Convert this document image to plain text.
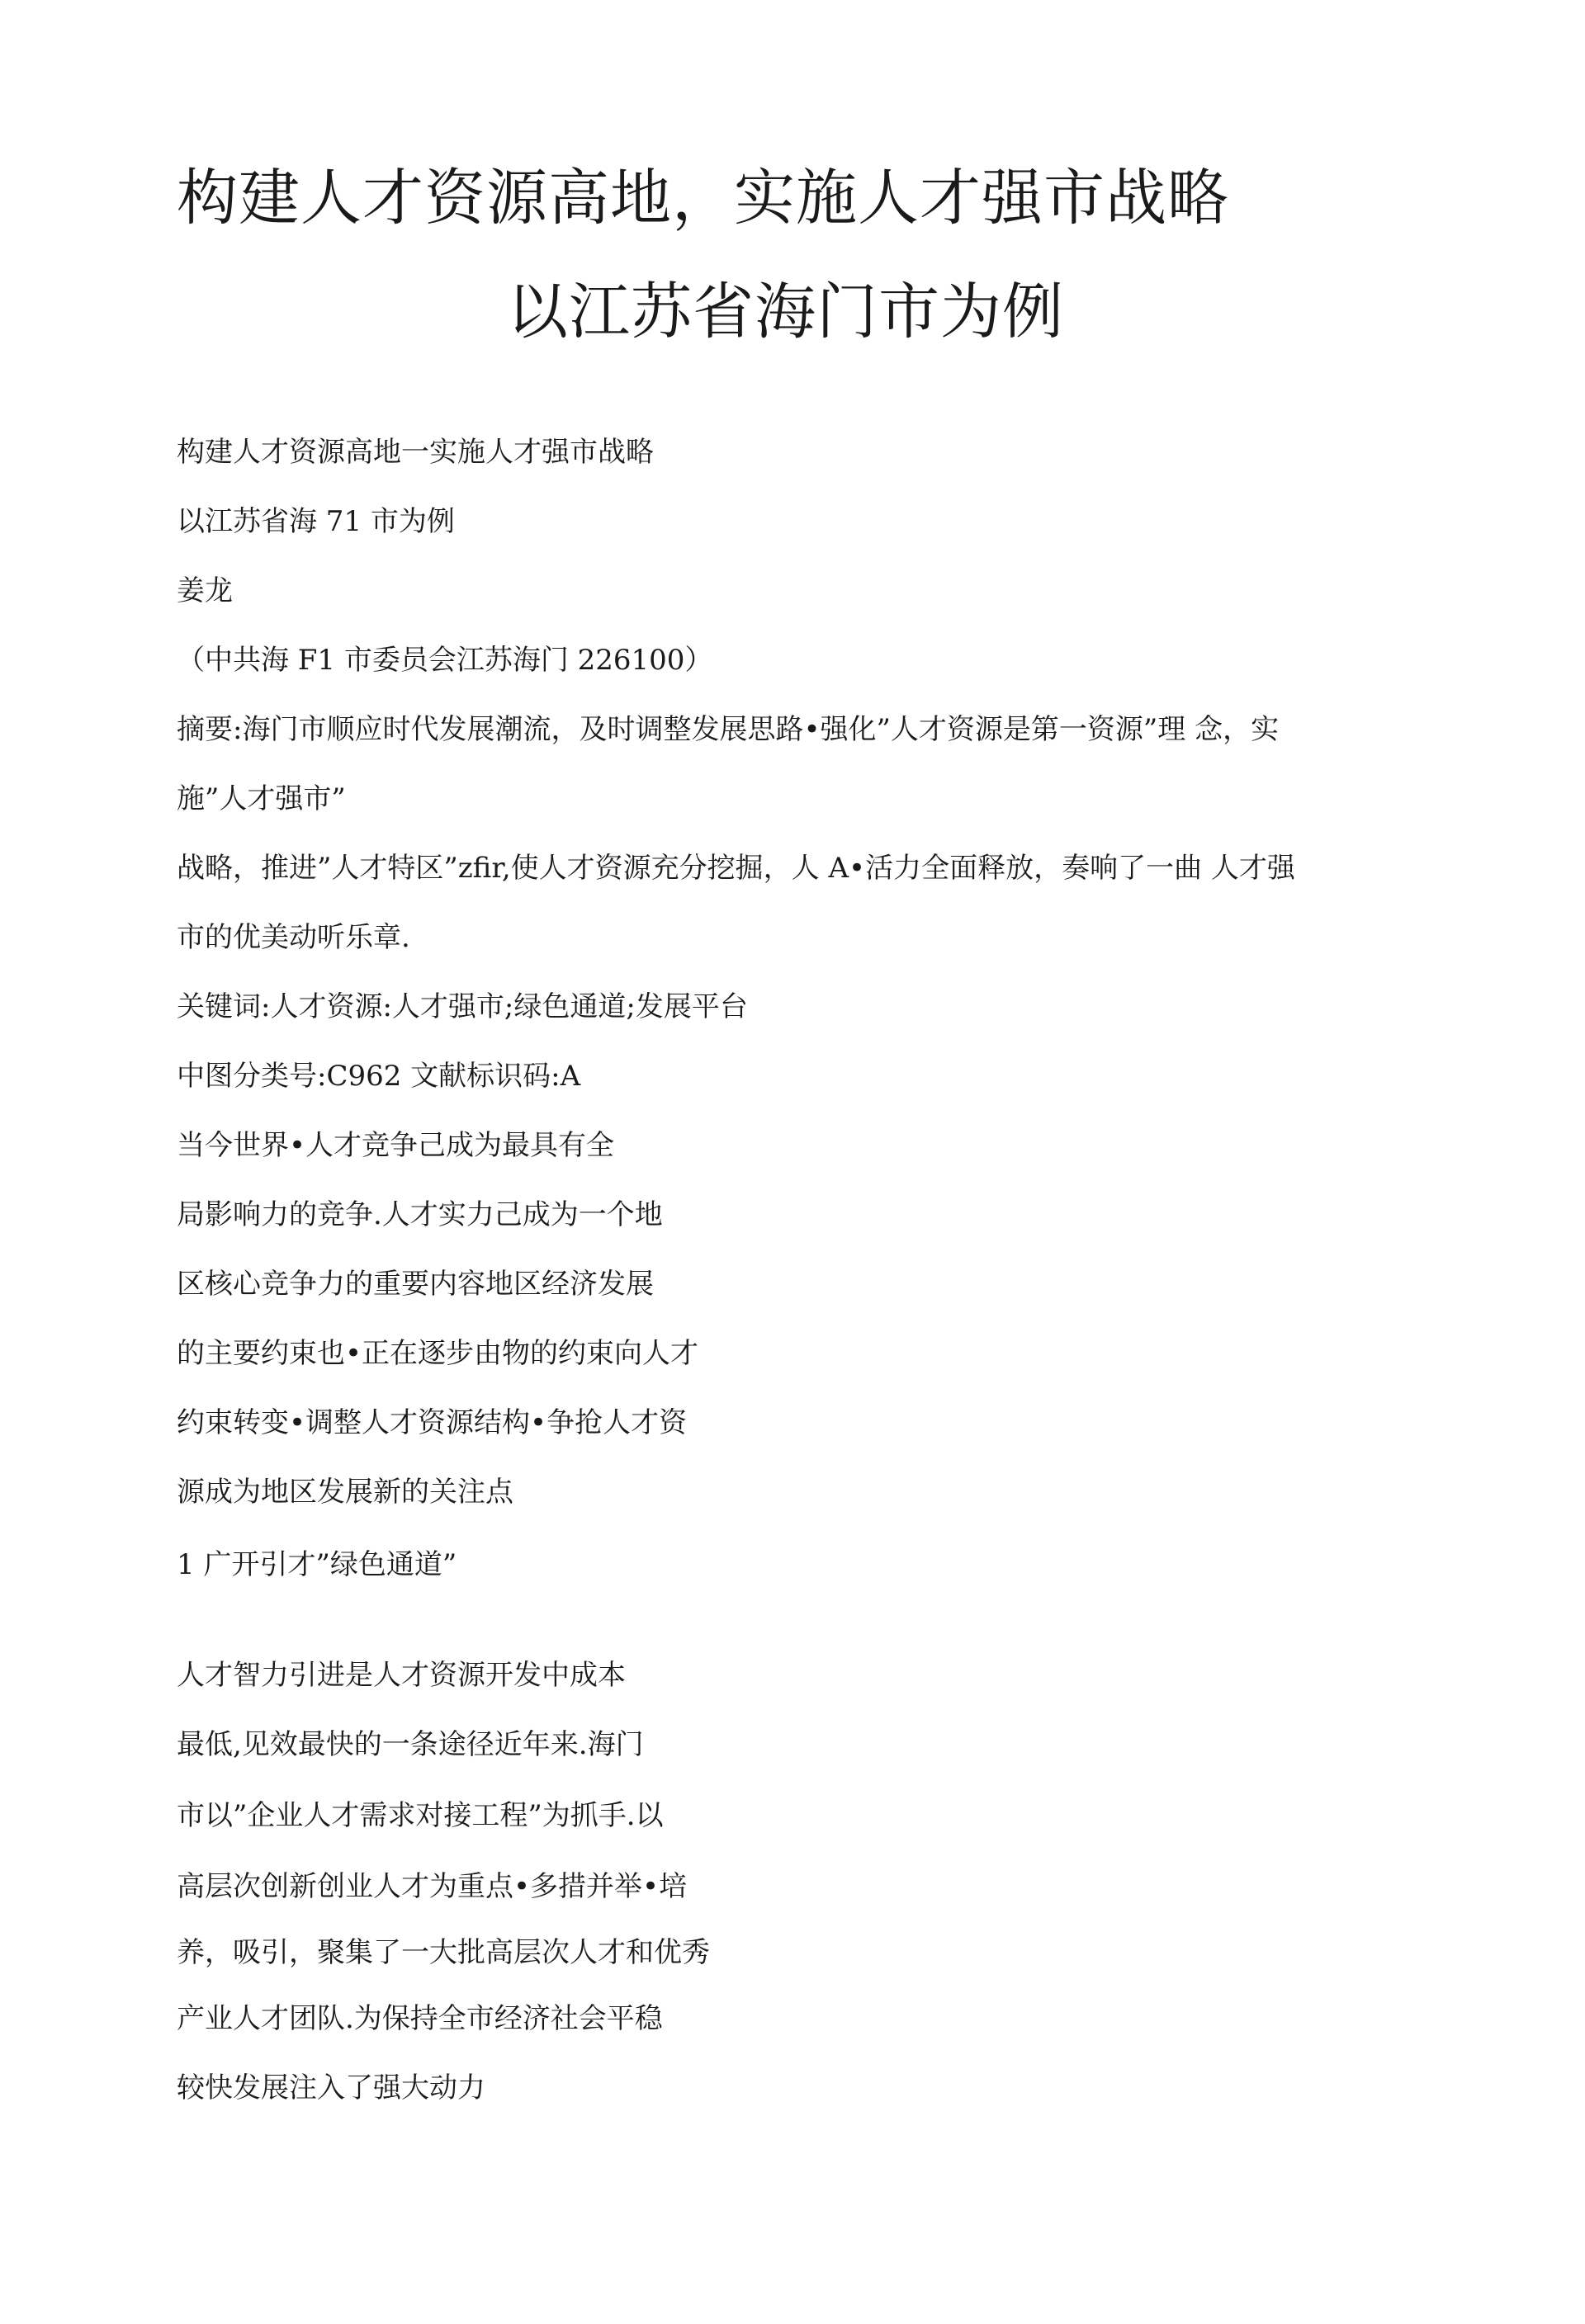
构建人才资源高地，实施人才强市战略
以江苏省海门市为例

构建人才资源高地一实施人才强市战略

以江苏省海 71 市为例

姜龙

（中共海 F1 市委员会江苏海门 226100）

摘要:海门市顺应时代发展潮流，及时调整发展思路•强化”人才资源是第一资源”理 念，实

施”人才强市”

战略，推进”人才特区”zfir,使人才资源充分挖掘，人 A•活力全面释放，奏响了一曲 人才强

市的优美动听乐章.

关键词:人才资源:人才强市;绿色通道;发展平台

中图分类号:C962 文献标识码:A

当今世界•人才竞争己成为最具有全

局影响力的竞争.人才实力己成为一个地

区核心竞争力的重要内容地区经济发展

的主要约束也•正在逐步由物的约束向人才

约束转变•调整人才资源结构•争抢人才资

源成为地区发展新的关注点

1 广开引才”绿色通道”

人才智力引进是人才资源开发中成本

最低,见效最快的一条途径近年来.海门

市以”企业人才需求对接工程”为抓手.以

高层次创新创业人才为重点•多措并举•培

养，吸引，聚集了一大批高层次人才和优秀

产业人才团队.为保持全市经济社会平稳

较快发展注入了强大动力
